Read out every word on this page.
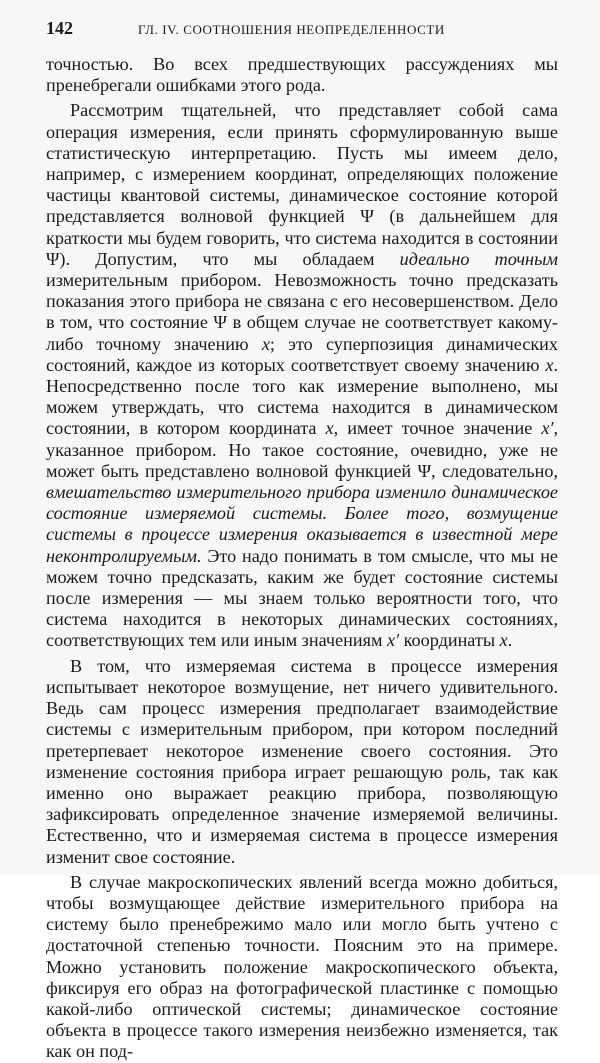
142	ГЛ. IV. СООТНОШЕНИЯ НЕОПРЕДЕЛЕННОСТИ

точностью. Во всех предшествующих рассуждениях мы пренебрегали ошибками этого рода.

Рассмотрим тщательней, что представляет собой сама операция измерения, если принять сформулированную выше статистическую интерпретацию. Пусть мы имеем дело, например, с измерением координат, определяющих положение частицы квантовой системы, динамическое состояние которой представляется волновой функцией Ψ (в дальнейшем для краткости мы будем говорить, что система находится в состоянии Ψ). Допустим, что мы обладаем идеально точным измерительным прибором. Невозможность точно предсказать показания этого прибора не связана с его несовершенством. Дело в том, что состояние Ψ в общем случае не соответствует какому-либо точному значению x; это суперпозиция динамических состояний, каждое из которых соответствует своему значению x. Непосредственно после того как измерение выполнено, мы можем утверждать, что система находится в динамическом состоянии, в котором координата x, имеет точное значение x′, указанное прибором. Но такое состояние, очевидно, уже не может быть представлено волновой функцией Ψ, следовательно, вмешательство измерительного прибора изменило динамическое состояние измеряемой системы. Более того, возмущение системы в процессе измерения оказывается в известной мере неконтролируемым. Это надо понимать в том смысле, что мы не можем точно предсказать, каким же будет состояние системы после измерения — мы знаем только вероятности того, что система находится в некоторых динамических состояниях, соответствующих тем или иным значениям x′ координаты x.

В том, что измеряемая система в процессе измерения испытывает некоторое возмущение, нет ничего удивительного. Ведь сам процесс измерения предполагает взаимодействие системы с измерительным прибором, при котором последний претерпевает некоторое изменение своего состояния. Это изменение состояния прибора играет решающую роль, так как именно оно выражает реакцию прибора, позволяющую зафиксировать определенное значение измеряемой величины. Естественно, что и измеряемая система в процессе измерения изменит свое состояние.

В случае макроскопических явлений всегда можно добиться, чтобы возмущающее действие измерительного прибора на систему было пренебрежимо мало или могло быть учтено с достаточной степенью точности. Поясним это на примере. Можно установить положение макроскопического объекта, фиксируя его образ на фотографической пластинке с помощью какой-либо оптической системы; динамическое состояние объекта в процессе такого измерения неизбежно изменяется, так как он под-
